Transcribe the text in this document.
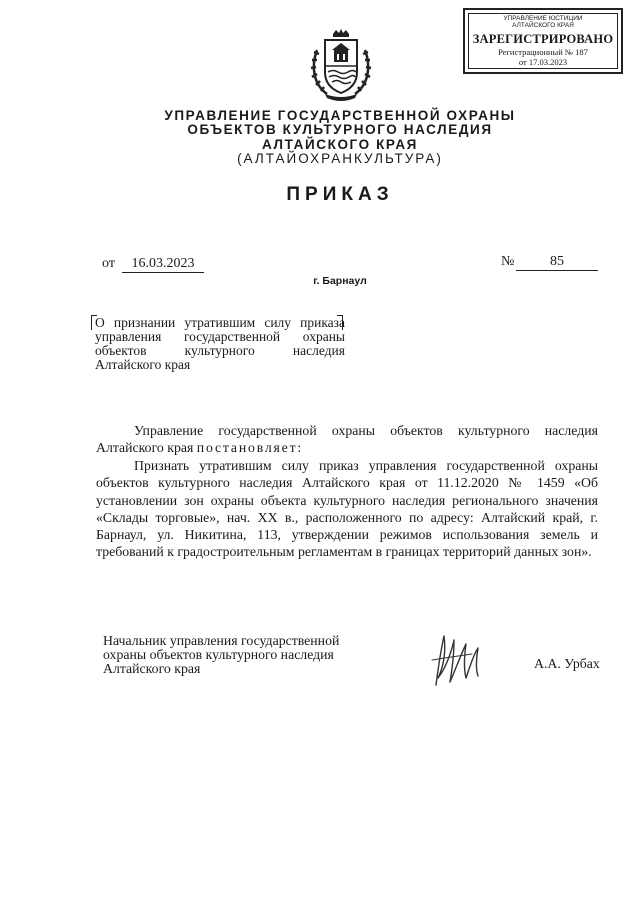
УПРАВЛЕНИЕ ЮСТИЦИИ
АЛТАЙСКОГО КРАЯ
ЗАРЕГИСТРИРОВАНО
Регистрационный № 187
от 17.03.2023
УПРАВЛЕНИЕ ГОСУДАРСТВЕННОЙ ОХРАНЫ
ОБЪЕКТОВ КУЛЬТУРНОГО НАСЛЕДИЯ
АЛТАЙСКОГО КРАЯ
(АЛТАЙОХРАНКУЛЬТУРА)
ПРИКАЗ
от	16.03.2023	№	85
г. Барнаул
О признании утратившим силу приказа управления государственной охраны объектов культурного наследия Алтайского края
Управление государственной охраны объектов культурного наследия Алтайского края постановляет:
Признать утратившим силу приказ управления государственной охраны объектов культурного наследия Алтайского края от 11.12.2020 № 1459 «Об установлении зон охраны объекта культурного наследия регионального значения «Склады торговые», нач. XX в., расположенного по адресу: Алтайский край, г. Барнаул, ул. Никитина, 113, утверждении режимов использования земель и требований к градостроительным регламентам в границах территорий данных зон».
Начальник управления государственной
охраны объектов культурного наследия
Алтайского края	А.А. Урбах
